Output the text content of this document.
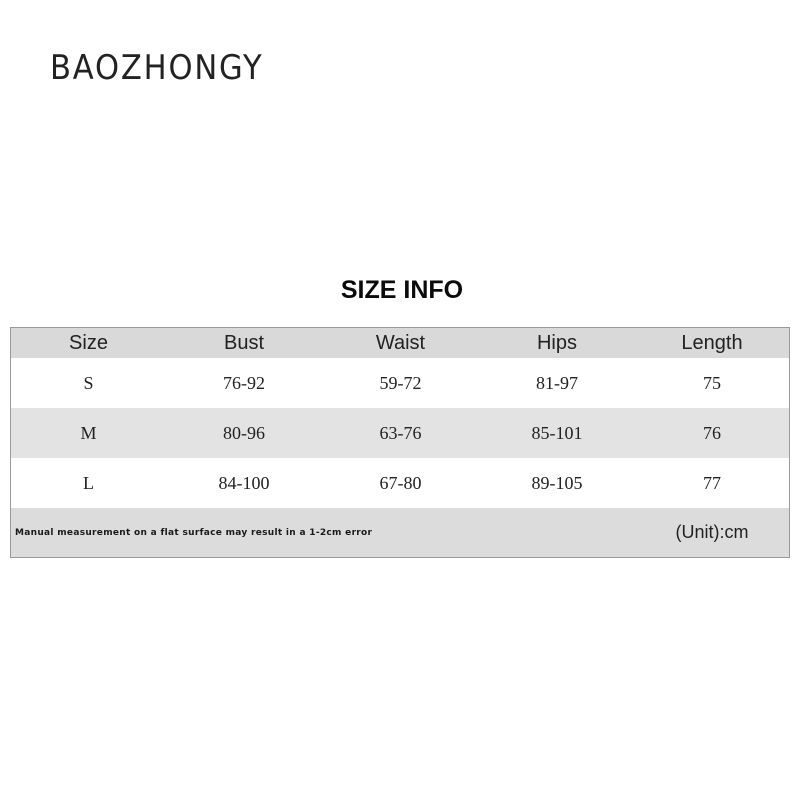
BAOZHONGY
SIZE INFO
Size	Bust	Waist	Hips	Length
S	76-92	59-72	81-97	75
M	80-96	63-76	85-101	76
L	84-100	67-80	89-105	77
Manual measurement on a flat surface may result in a 1-2cm error	(Unit):cm
